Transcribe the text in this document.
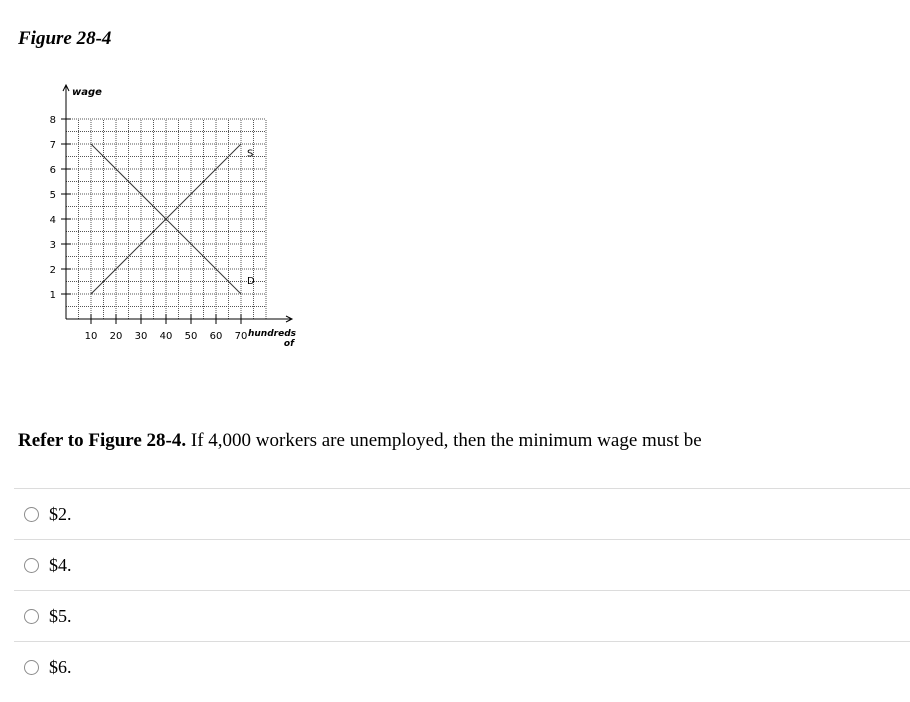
Figure 28-4
1
2
3
4
5
6
7
8
10 20 30 40 50 60 70
wage
hundreds
of
S
D
Refer to Figure 28-4. If 4,000 workers are unemployed, then the minimum wage must be
$2.
$4.
$5.
$6.
